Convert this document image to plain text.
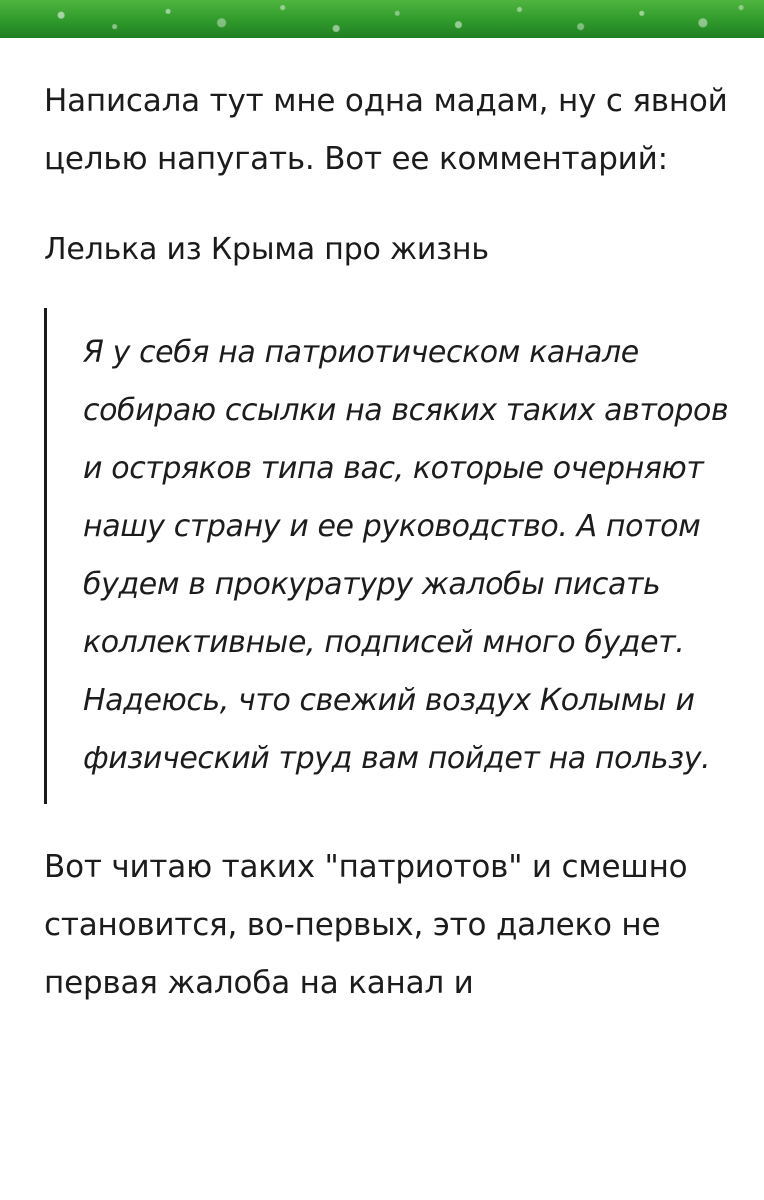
Написала тут мне одна мадам, ну с явной целью напугать. Вот ее комментарий:

Лелька из Крыма про жизнь

Я у себя на патриотическом канале собираю ссылки на всяких таких авторов и остряков типа вас, которые очерняют нашу страну и ее руководство. А потом будем в прокуратуру жалобы писать коллективные, подписей много будет. Надеюсь, что свежий воздух Колымы и физический труд вам пойдет на пользу.

Вот читаю таких "патриотов" и смешно становится, во-первых, это далеко не первая жалоба на канал и
